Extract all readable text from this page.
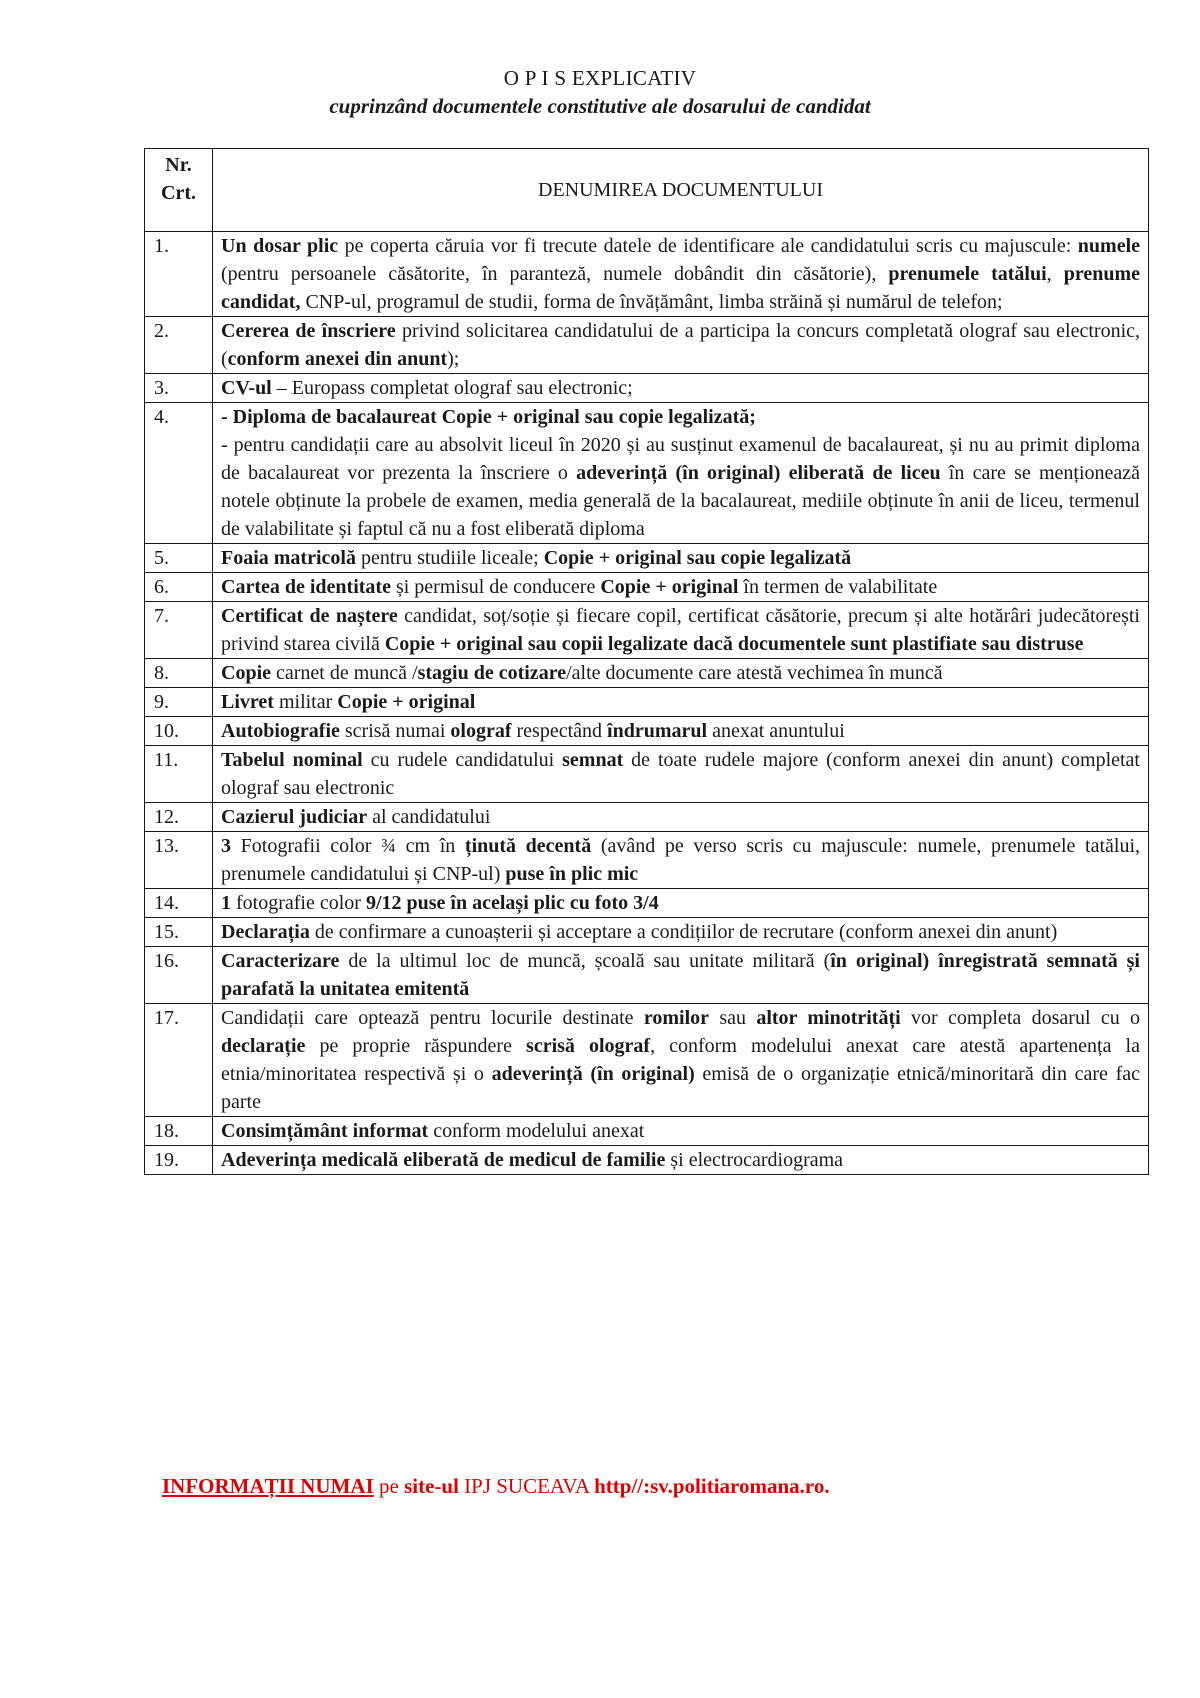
O P I S EXPLICATIV
cuprinzând documentele constitutive ale dosarului de candidat
Nr.
Crt.	DENUMIREA DOCUMENTULUI
1.	Un dosar plic pe coperta căruia vor fi trecute datele de identificare ale candidatului scris cu majuscule: numele (pentru persoanele căsătorite, în paranteză, numele dobândit din căsătorie), prenumele tatălui, prenume candidat, CNP-ul, programul de studii, forma de învățământ, limba străină și numărul de telefon;
2.	Cererea de înscriere privind solicitarea candidatului de a participa la concurs completată olograf sau electronic, (conform anexei din anunt);
3.	CV-ul – Europass completat olograf sau electronic;
4.	- Diploma de bacalaureat Copie + original sau copie legalizată;
- pentru candidații care au absolvit liceul în 2020 și au susținut examenul de bacalaureat, și nu au primit diploma de bacalaureat vor prezenta la înscriere o adeverință (în original) eliberată de liceu în care se menționează notele obținute la probele de examen, media generală de la bacalaureat, mediile obținute în anii de liceu, termenul de valabilitate și faptul că nu a fost eliberată diploma
5.	Foaia matricolă pentru studiile liceale; Copie + original sau copie legalizată
6.	Cartea de identitate și permisul de conducere Copie + original în termen de valabilitate
7.	Certificat de naștere candidat, soț/soție și fiecare copil, certificat căsătorie, precum și alte hotărâri judecătorești privind starea civilă Copie + original sau copii legalizate dacă documentele sunt plastifiate sau distruse
8.	Copie carnet de muncă /stagiu de cotizare/alte documente care atestă vechimea în muncă
9.	Livret militar Copie + original
10.	Autobiografie scrisă numai olograf respectând îndrumarul anexat anuntului
11.	Tabelul nominal cu rudele candidatului semnat de toate rudele majore (conform anexei din anunt) completat olograf sau electronic
12.	Cazierul judiciar al candidatului
13.	3 Fotografii color ¾ cm în ținută decentă (având pe verso scris cu majuscule: numele, prenumele tatălui, prenumele candidatului și CNP-ul) puse în plic mic
14.	1 fotografie color 9/12 puse în același plic cu foto 3/4
15.	Declarația de confirmare a cunoașterii și acceptare a condițiilor de recrutare (conform anexei din anunt)
16.	Caracterizare de la ultimul loc de muncă, școală sau unitate militară (în original) înregistrată semnată și parafată la unitatea emitentă
17.	Candidații care optează pentru locurile destinate romilor sau altor minotrități vor completa dosarul cu o declarație pe proprie răspundere scrisă olograf, conform modelului anexat care atestă apartenența la etnia/minoritatea respectivă și o adeverință (în original) emisă de o organizație etnică/minoritară din care fac parte
18.	Consimțământ informat conform modelului anexat
19.	Adeverința medicală eliberată de medicul de familie și electrocardiograma
INFORMAȚII NUMAI pe site-ul IPJ SUCEAVA http//:sv.politiaromana.ro.
